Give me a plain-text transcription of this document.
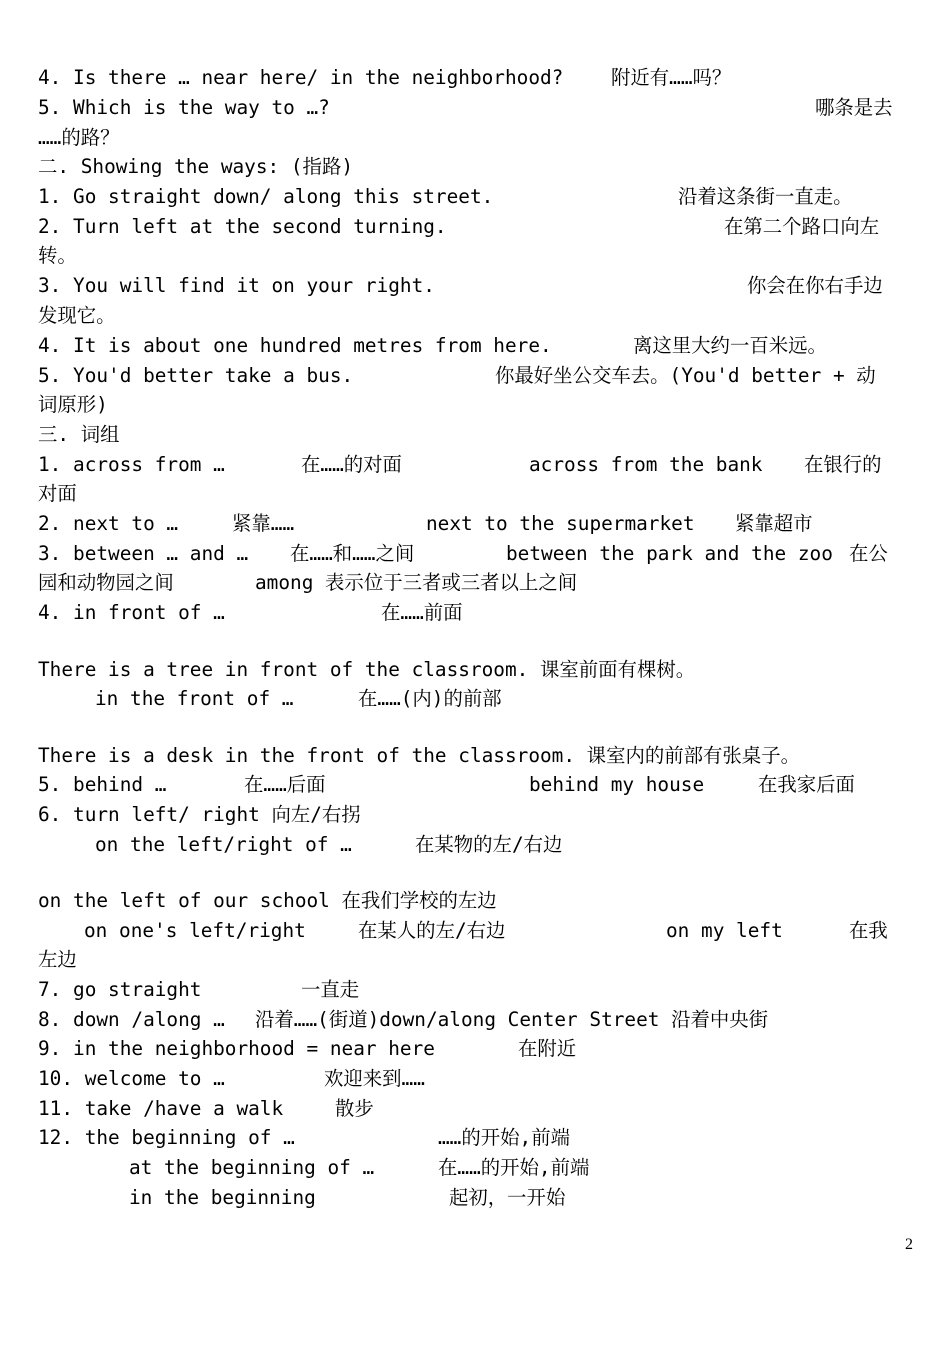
4. Is there … near here/ in the neighborhood? 附近有……吗？
5. Which is the way to …?	哪条是去
……的路？
二. Showing the ways: (指路)
1. Go straight down/ along this street.	沿着这条街一直走。
2. Turn left at the second turning.	在第二个路口向左
转。
3. You will find it on your right.	你会在你右手边
发现它。
4. It is about one hundred metres from here.	离这里大约一百米远。
5. You'd better take a bus.	你最好坐公交车去。(You'd better + 动
词原形)
三. 词组
1. across from …	在……的对面	across from the bank 在银行的
对面
2. next to …	紧靠……	next to the supermarket 紧靠超市
3. between … and … 在……和……之间	between the park and the zoo 在公
园和动物园之间	among 表示位于三者或三者以上之间
4. in front of …	在……前面
There is a tree in front of the classroom. 课室前面有棵树。
in the front of …	在……(内)的前部
There is a desk in the front of the classroom. 课室内的前部有张桌子。
5. behind …	在……后面	behind my house	在我家后面
6. turn left/ right 向左/右拐
on the left/right of …	在某物的左/右边
on the left of our school 在我们学校的左边
on one's left/right	在某人的左/右边	on my left	在我
左边
7. go straight	一直走
8. down /along … 沿着……(街道)down/along Center Street 沿着中央街
9. in the neighborhood = near here	在附近
10. welcome to …	欢迎来到……
11. take /have a walk	散步
12. the beginning of …	……的开始,前端
at the beginning of …	在……的开始,前端
in the beginning	起初，一开始
2
